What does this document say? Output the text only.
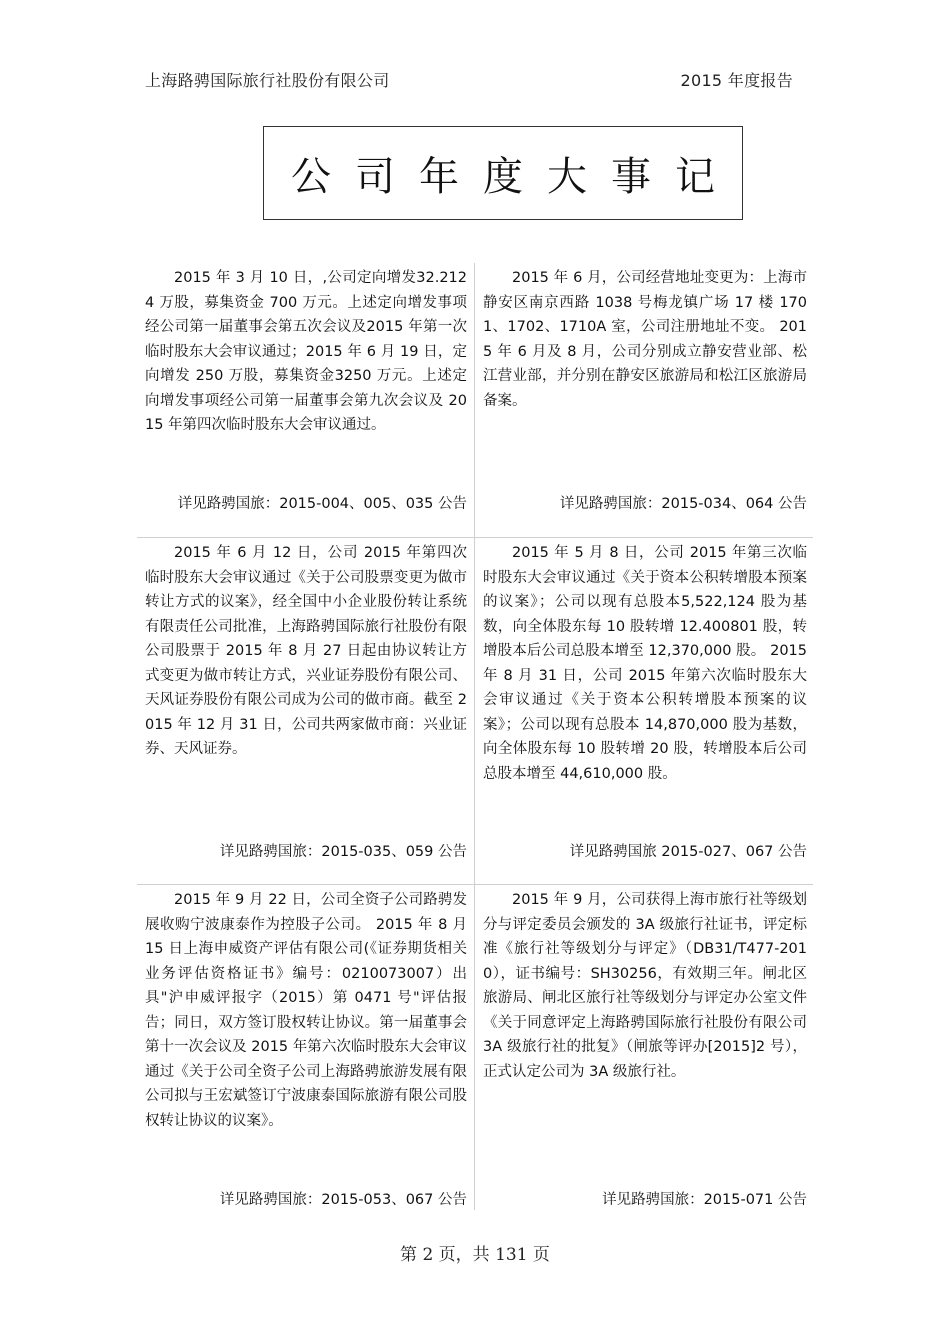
上海路骋国际旅行社股份有限公司	2015 年度报告
公司年度大事记
2015 年 3 月 10 日，,公司定向增发32.2124 万股，募集资金 700 万元。上述定向增发事项经公司第一届董事会第五次会议及2015 年第一次临时股东大会审议通过；2015 年 6 月 19 日，定向增发 250 万股，募集资金3250 万元。上述定向增发事项经公司第一届董事会第九次会议及 2015 年第四次临时股东大会审议通过。
详见路骋国旅：2015-004、005、035 公告
2015 年 6 月，公司经营地址变更为：上海市静安区南京西路 1038 号梅龙镇广场 17 楼 1701、1702、1710A 室，公司注册地址不变。 2015 年 6 月及 8 月，公司分别成立静安营业部、松江营业部，并分别在静安区旅游局和松江区旅游局备案。
详见路骋国旅：2015-034、064 公告
2015 年 6 月 12 日，公司 2015 年第四次临时股东大会审议通过《关于公司股票变更为做市转让方式的议案》，经全国中小企业股份转让系统有限责任公司批准，上海路骋国际旅行社股份有限公司股票于 2015 年 8 月 27 日起由协议转让方式变更为做市转让方式，兴业证券股份有限公司、天风证券股份有限公司成为公司的做市商。截至 2015 年 12 月 31 日，公司共两家做市商：兴业证券、天风证券。
详见路骋国旅：2015-035、059 公告
2015 年 5 月 8 日，公司 2015 年第三次临时股东大会审议通过《关于资本公积转增股本预案的议案》；公司以现有总股本5,522,124 股为基数，向全体股东每 10 股转增 12.400801 股，转增股本后公司总股本增至 12,370,000 股。 2015 年 8 月 31 日，公司 2015 年第六次临时股东大会审议通过《关于资本公积转增股本预案的议案》；公司以现有总股本 14,870,000 股为基数，向全体股东每 10 股转增 20 股，转增股本后公司总股本增至 44,610,000 股。
详见路骋国旅 2015-027、067 公告
2015 年 9 月 22 日，公司全资子公司路骋发展收购宁波康泰作为控股子公司。 2015 年 8 月 15 日上海申威资产评估有限公司(《证券期货相关业务评估资格证书》编号：0210073007）出具"沪申威评报字（2015）第 0471 号"评估报告；同日，双方签订股权转让协议。第一届董事会第十一次会议及 2015 年第六次临时股东大会审议通过《关于公司全资子公司上海路骋旅游发展有限公司拟与王宏斌签订宁波康泰国际旅游有限公司股权转让协议的议案》。
详见路骋国旅：2015-053、067 公告
2015 年 9 月，公司获得上海市旅行社等级划分与评定委员会颁发的 3A 级旅行社证书，评定标准《旅行社等级划分与评定》（DB31/T477-2010），证书编号：SH30256，有效期三年。闸北区旅游局、闸北区旅行社等级划分与评定办公室文件《关于同意评定上海路骋国际旅行社股份有限公司 3A 级旅行社的批复》（闸旅等评办[2015]2 号），正式认定公司为 3A 级旅行社。
详见路骋国旅：2015-071 公告
第 2 页，共 131 页
